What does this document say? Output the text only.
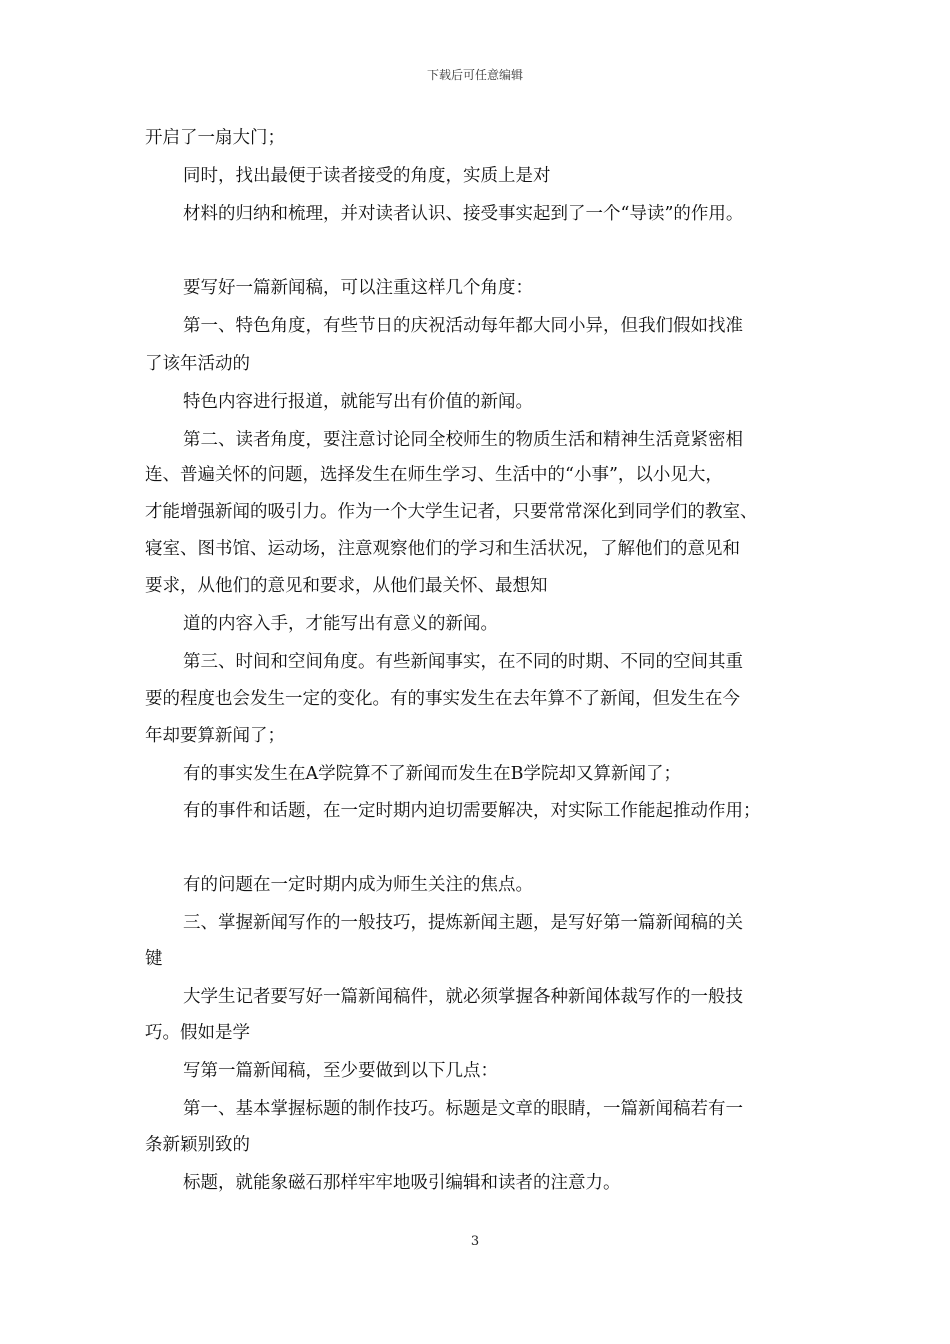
下载后可任意编辑
开启了一扇大门；
同时，找出最便于读者接受的角度，实质上是对
材料的归纳和梳理，并对读者认识、接受事实起到了一个“导读”的作用。
要写好一篇新闻稿，可以注重这样几个角度：
第一、特色角度，有些节日的庆祝活动每年都大同小异，但我们假如找准
了该年活动的
特色内容进行报道，就能写出有价值的新闻。
第二、读者角度，要注意讨论同全校师生的物质生活和精神生活竟紧密相
连、普遍关怀的问题，选择发生在师生学习、生活中的“小事”，以小见大，
才能增强新闻的吸引力。作为一个大学生记者，只要常常深化到同学们的教室、
寝室、图书馆、运动场，注意观察他们的学习和生活状况，了解他们的意见和
要求，从他们的意见和要求，从他们最关怀、最想知
道的内容入手，才能写出有意义的新闻。
第三、时间和空间角度。有些新闻事实，在不同的时期、不同的空间其重
要的程度也会发生一定的变化。有的事实发生在去年算不了新闻，但发生在今
年却要算新闻了；
有的事实发生在A学院算不了新闻而发生在B学院却又算新闻了；
有的事件和话题，在一定时期内迫切需要解决，对实际工作能起推动作用；
有的问题在一定时期内成为师生关注的焦点。
三、掌握新闻写作的一般技巧，提炼新闻主题，是写好第一篇新闻稿的关
键
大学生记者要写好一篇新闻稿件，就必须掌握各种新闻体裁写作的一般技
巧。假如是学
写第一篇新闻稿，至少要做到以下几点：
第一、基本掌握标题的制作技巧。标题是文章的眼睛，一篇新闻稿若有一
条新颖别致的
标题，就能象磁石那样牢牢地吸引编辑和读者的注意力。
3
